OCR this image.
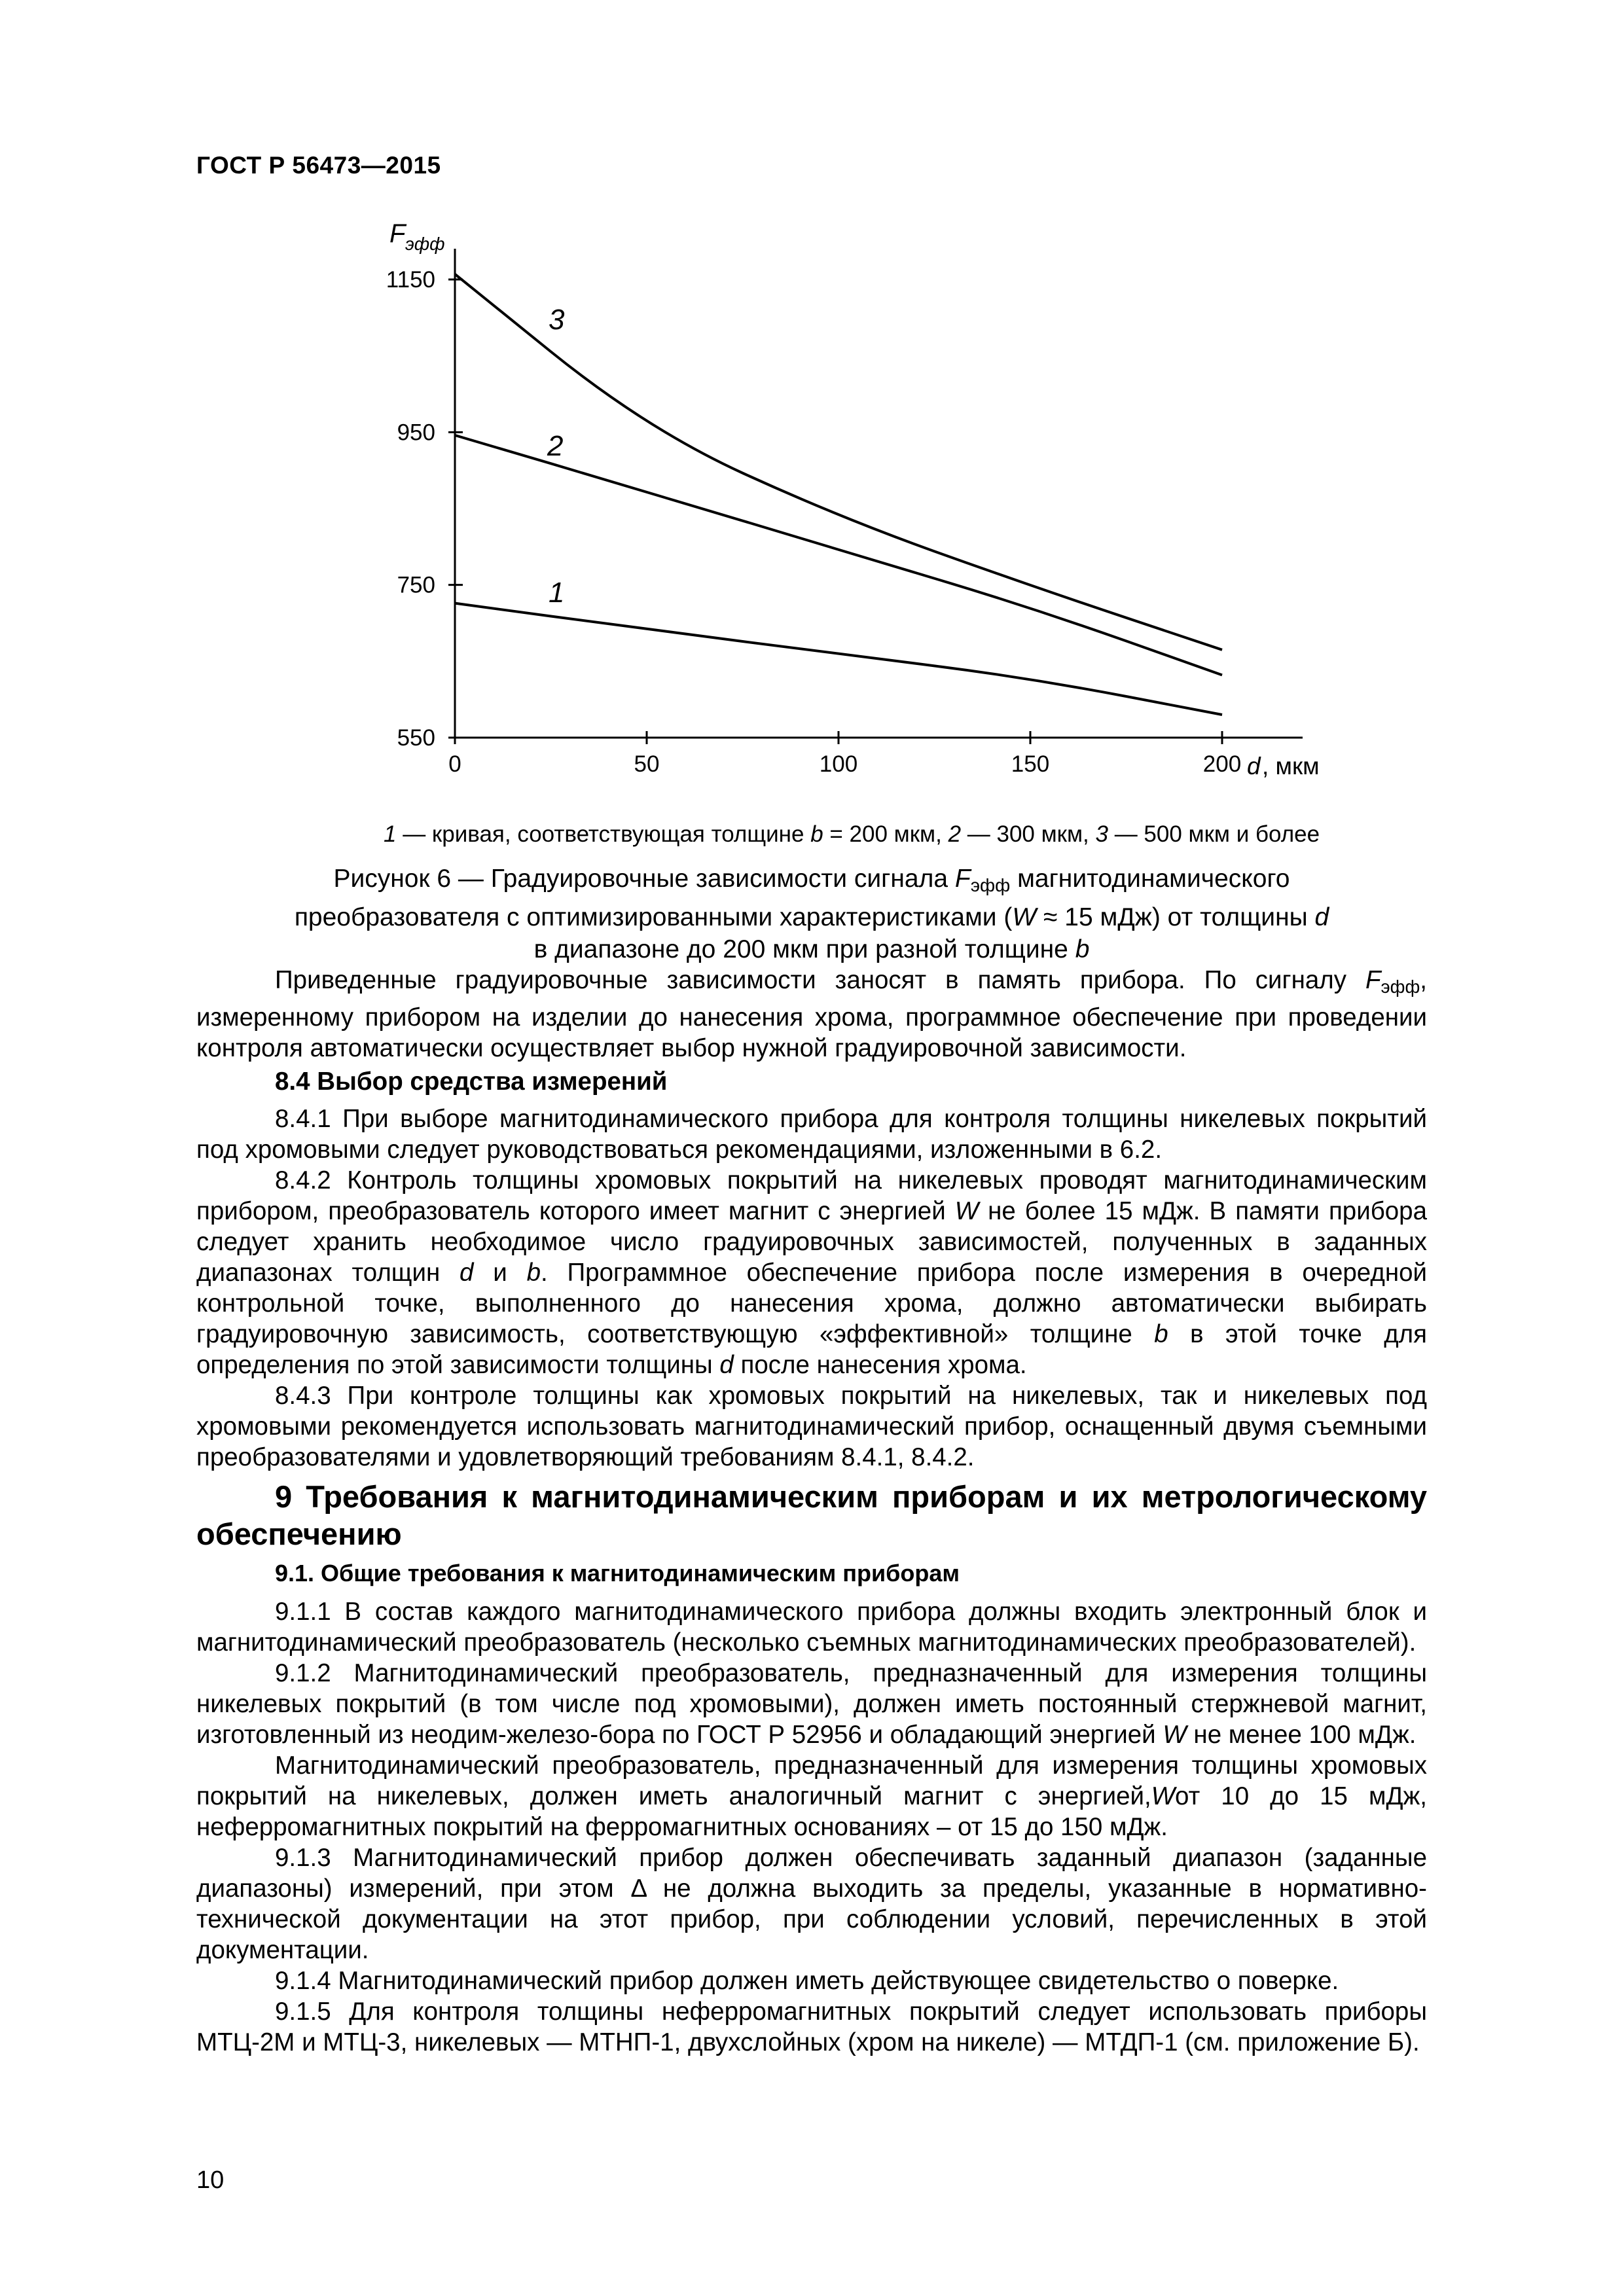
ГОСТ Р 56473—2015
0	50	100	150	200
550
750
950
1150
F эфф
d , мкм
1
2
3
1 — кривая, соответствующая толщине b = 200 мкм, 2 — 300 мкм, 3 — 500 мкм и более
Рисунок 6 — Градуировочные зависимости сигнала $F_{эфф}$ магнитодинамического
преобразователя с оптимизированными характеристиками (W ≈ 15 мДж) от толщины d
в диапазоне до 200 мкм при разной толщине b

Приведенные градуировочные зависимости заносят в память прибора. По сигналу $F_{эфф}$, измеренному прибором на изделии до нанесения хрома, программное обеспечение при проведении контроля автоматически осуществляет выбор нужной градуировочной зависимости.

8.4 Выбор средства измерений

8.4.1 При выборе магнитодинамического прибора для контроля толщины никелевых покрытий под хромовыми следует руководствоваться рекомендациями, изложенными в 6.2.

8.4.2 Контроль толщины хромовых покрытий на никелевых проводят магнитодинамическим прибором, преобразователь которого имеет магнит с энергией W не более 15 мДж. В памяти прибора следует хранить необходимое число градуировочных зависимостей, полученных в заданных диапазонах толщин d и b. Программное обеспечение прибора после измерения в очередной контрольной точке, выполненного до нанесения хрома, должно автоматически выбирать градуировочную зависимость, соответствующую «эффективной» толщине b в этой точке для определения по этой зависимости толщины d после нанесения хрома.

8.4.3 При контроле толщины как хромовых покрытий на никелевых, так и никелевых под хромовыми рекомендуется использовать магнитодинамический прибор, оснащенный двумя съемными преобразователями и удовлетворяющий требованиям 8.4.1, 8.4.2.

9 Требования к магнитодинамическим приборам и их метрологическому обеспечению

9.1. Общие требования к магнитодинамическим приборам

9.1.1 В состав каждого магнитодинамического прибора должны входить электронный блок и магнитодинамический преобразователь (несколько съемных магнитодинамических преобразователей).

9.1.2 Магнитодинамический преобразователь, предназначенный для измерения толщины никелевых покрытий (в том числе под хромовыми), должен иметь постоянный стержневой магнит, изготовленный из неодим-железо-бора по ГОСТ Р 52956 и обладающий энергией W не менее 100 мДж.

Магнитодинамический преобразователь, предназначенный для измерения толщины хромовых покрытий на никелевых, должен иметь аналогичный магнит с энергией,Wот 10 до 15 мДж, неферромагнитных покрытий на ферромагнитных основаниях – от 15 до 150 мДж.

9.1.3 Магнитодинамический прибор должен обеспечивать заданный диапазон (заданные диапазоны) измерений, при этом Δ не должна выходить за пределы, указанные в нормативно-технической документации на этот прибор, при соблюдении условий, перечисленных в этой документации.

9.1.4 Магнитодинамический прибор должен иметь действующее свидетельство о поверке.

9.1.5 Для контроля толщины неферромагнитных покрытий следует использовать приборы МТЦ-2М и МТЦ-3, никелевых — МТНП-1, двухслойных (хром на никеле) — МТДП-1 (см. приложение Б).

10
